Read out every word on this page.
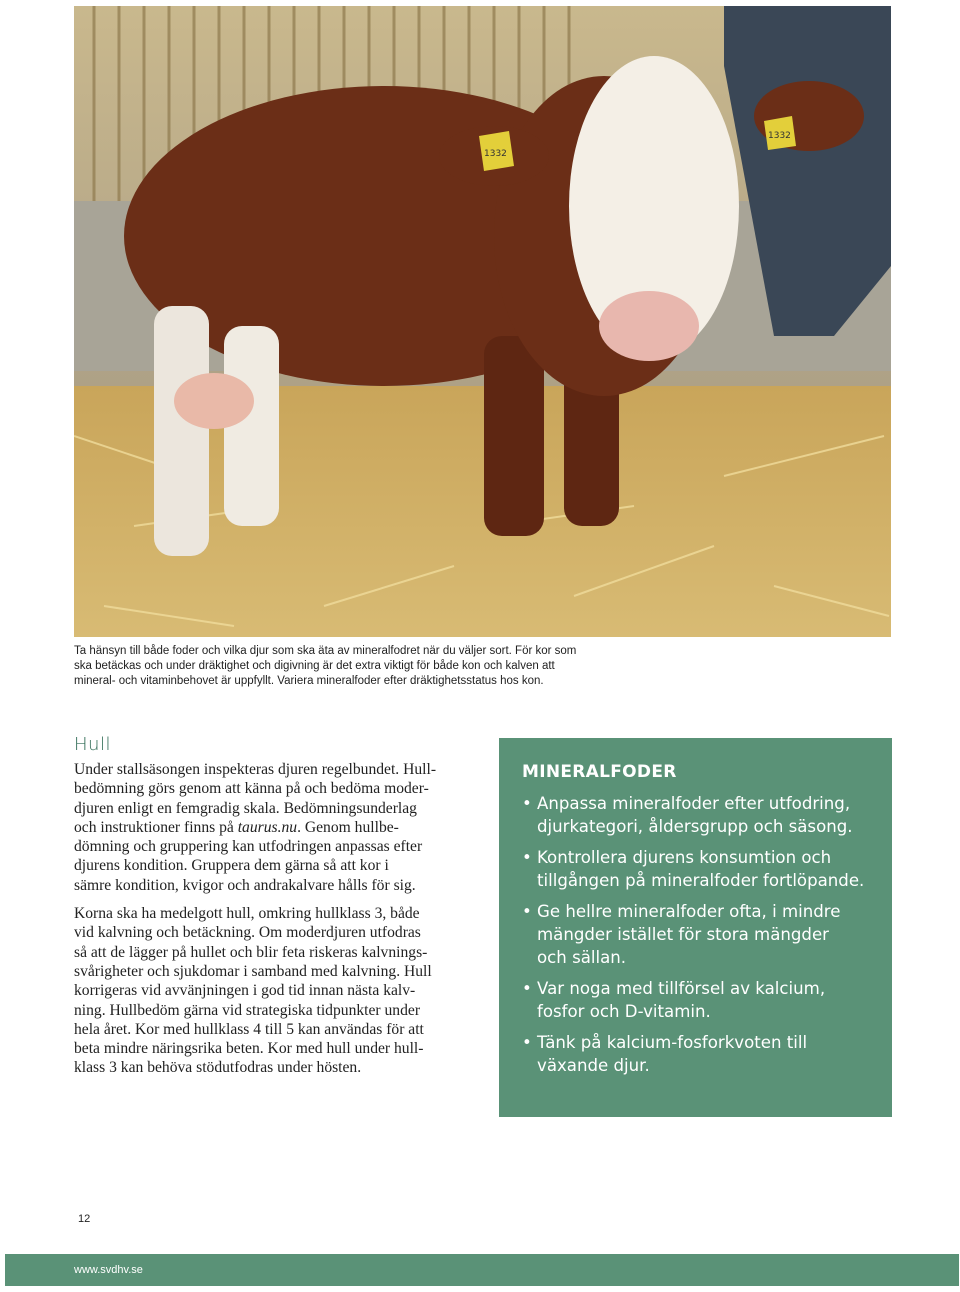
1332
1332
Ta hänsyn till både foder och vilka djur som ska äta av mineralfodret när du väljer sort. För kor som
ska betäckas och under dräktighet och digivning är det extra viktigt för både kon och kalven att
mineral- och vitaminbehovet är uppfyllt. Variera mineralfoder efter dräktighetsstatus hos kon.
Hull

Under stallsäsongen inspekteras djuren regelbundet. Hull-
bedömning görs genom att känna på och bedöma moder-
djuren enligt en femgradig skala. Bedömningsunderlag
och instruktioner finns på taurus.nu. Genom hullbe-
dömning och gruppering kan utfodringen anpassas efter
djurens kondition. Gruppera dem gärna så att kor i
sämre kondition, kvigor och andrakalvare hålls för sig.

Korna ska ha medelgott hull, omkring hullklass 3, både
vid kalvning och betäckning. Om moderdjuren utfodras
så att de lägger på hullet och blir feta riskeras kalvnings-
svårigheter och sjukdomar i samband med kalvning. Hull
korrigeras vid avvänjningen i god tid innan nästa kalv-
ning. Hullbedöm gärna vid strategiska tidpunkter under
hela året. Kor med hullklass 4 till 5 kan användas för att
beta mindre näringsrika beten. Kor med hull under hull-
klass 3 kan behöva stödutfodras under hösten.

MINERALFODER
• Anpassa mineralfoder efter utfodring,
djurkategori, åldersgrupp och säsong.
• Kontrollera djurens konsumtion och
tillgången på mineralfoder fortlöpande.
• Ge hellre mineralfoder ofta, i mindre
mängder istället för stora mängder
och sällan.
• Var noga med tillförsel av kalcium,
fosfor och D-vitamin.
• Tänk på kalcium-fosforkvoten till
växande djur.
12
www.svdhv.se
